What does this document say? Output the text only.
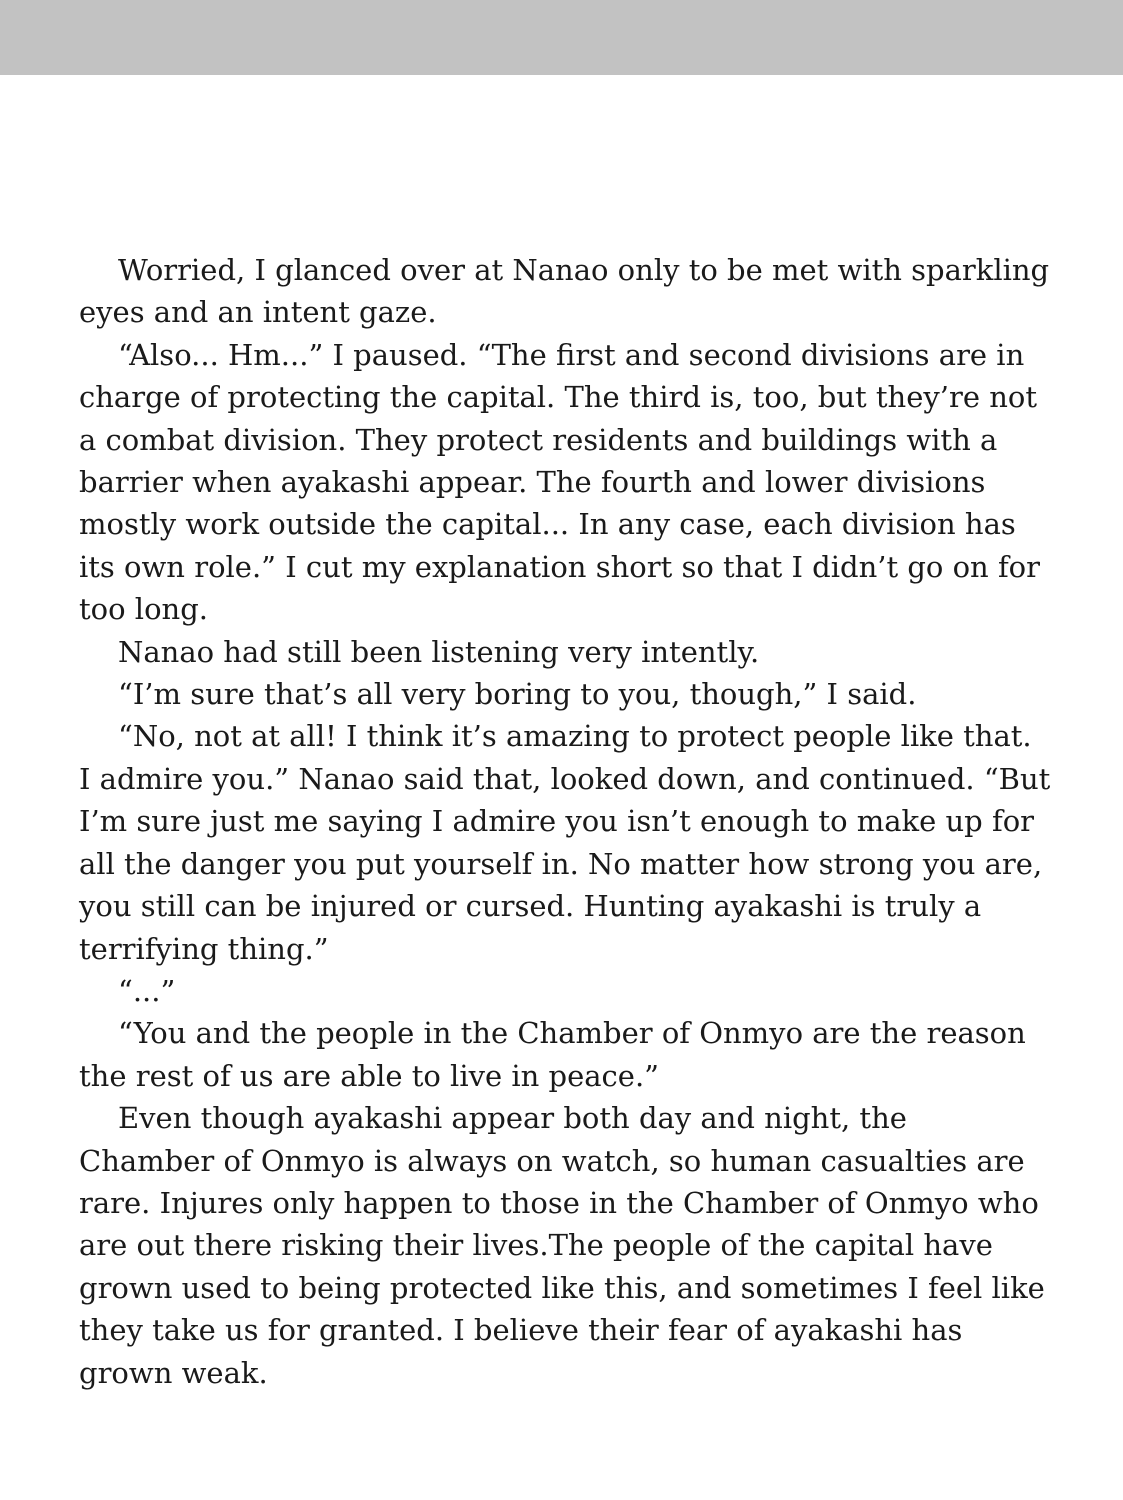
Worried, I glanced over at Nanao only to be met with sparkling eyes and an intent gaze.

“Also... Hm...” I paused. “The first and second divisions are in charge of protecting the capital. The third is, too, but they’re not a combat division. They protect residents and buildings with a barrier when ayakashi appear. The fourth and lower divisions mostly work outside the capital... In any case, each division has its own role.” I cut my explanation short so that I didn’t go on for too long.

Nanao had still been listening very intently.

“I’m sure that’s all very boring to you, though,” I said.

“No, not at all! I think it’s amazing to protect people like that. I admire you.” Nanao said that, looked down, and continued. “But I’m sure just me saying I admire you isn’t enough to make up for all the danger you put yourself in. No matter how strong you are, you still can be injured or cursed. Hunting ayakashi is truly a terrifying thing.”

“...”

“You and the people in the Chamber of Onmyo are the reason the rest of us are able to live in peace.”

Even though ayakashi appear both day and night, the Chamber of Onmyo is always on watch, so human casualties are rare. Injures only happen to those in the Chamber of Onmyo who are out there risking their lives.The people of the capital have grown used to being protected like this, and sometimes I feel like they take us for granted. I believe their fear of ayakashi has grown weak.
